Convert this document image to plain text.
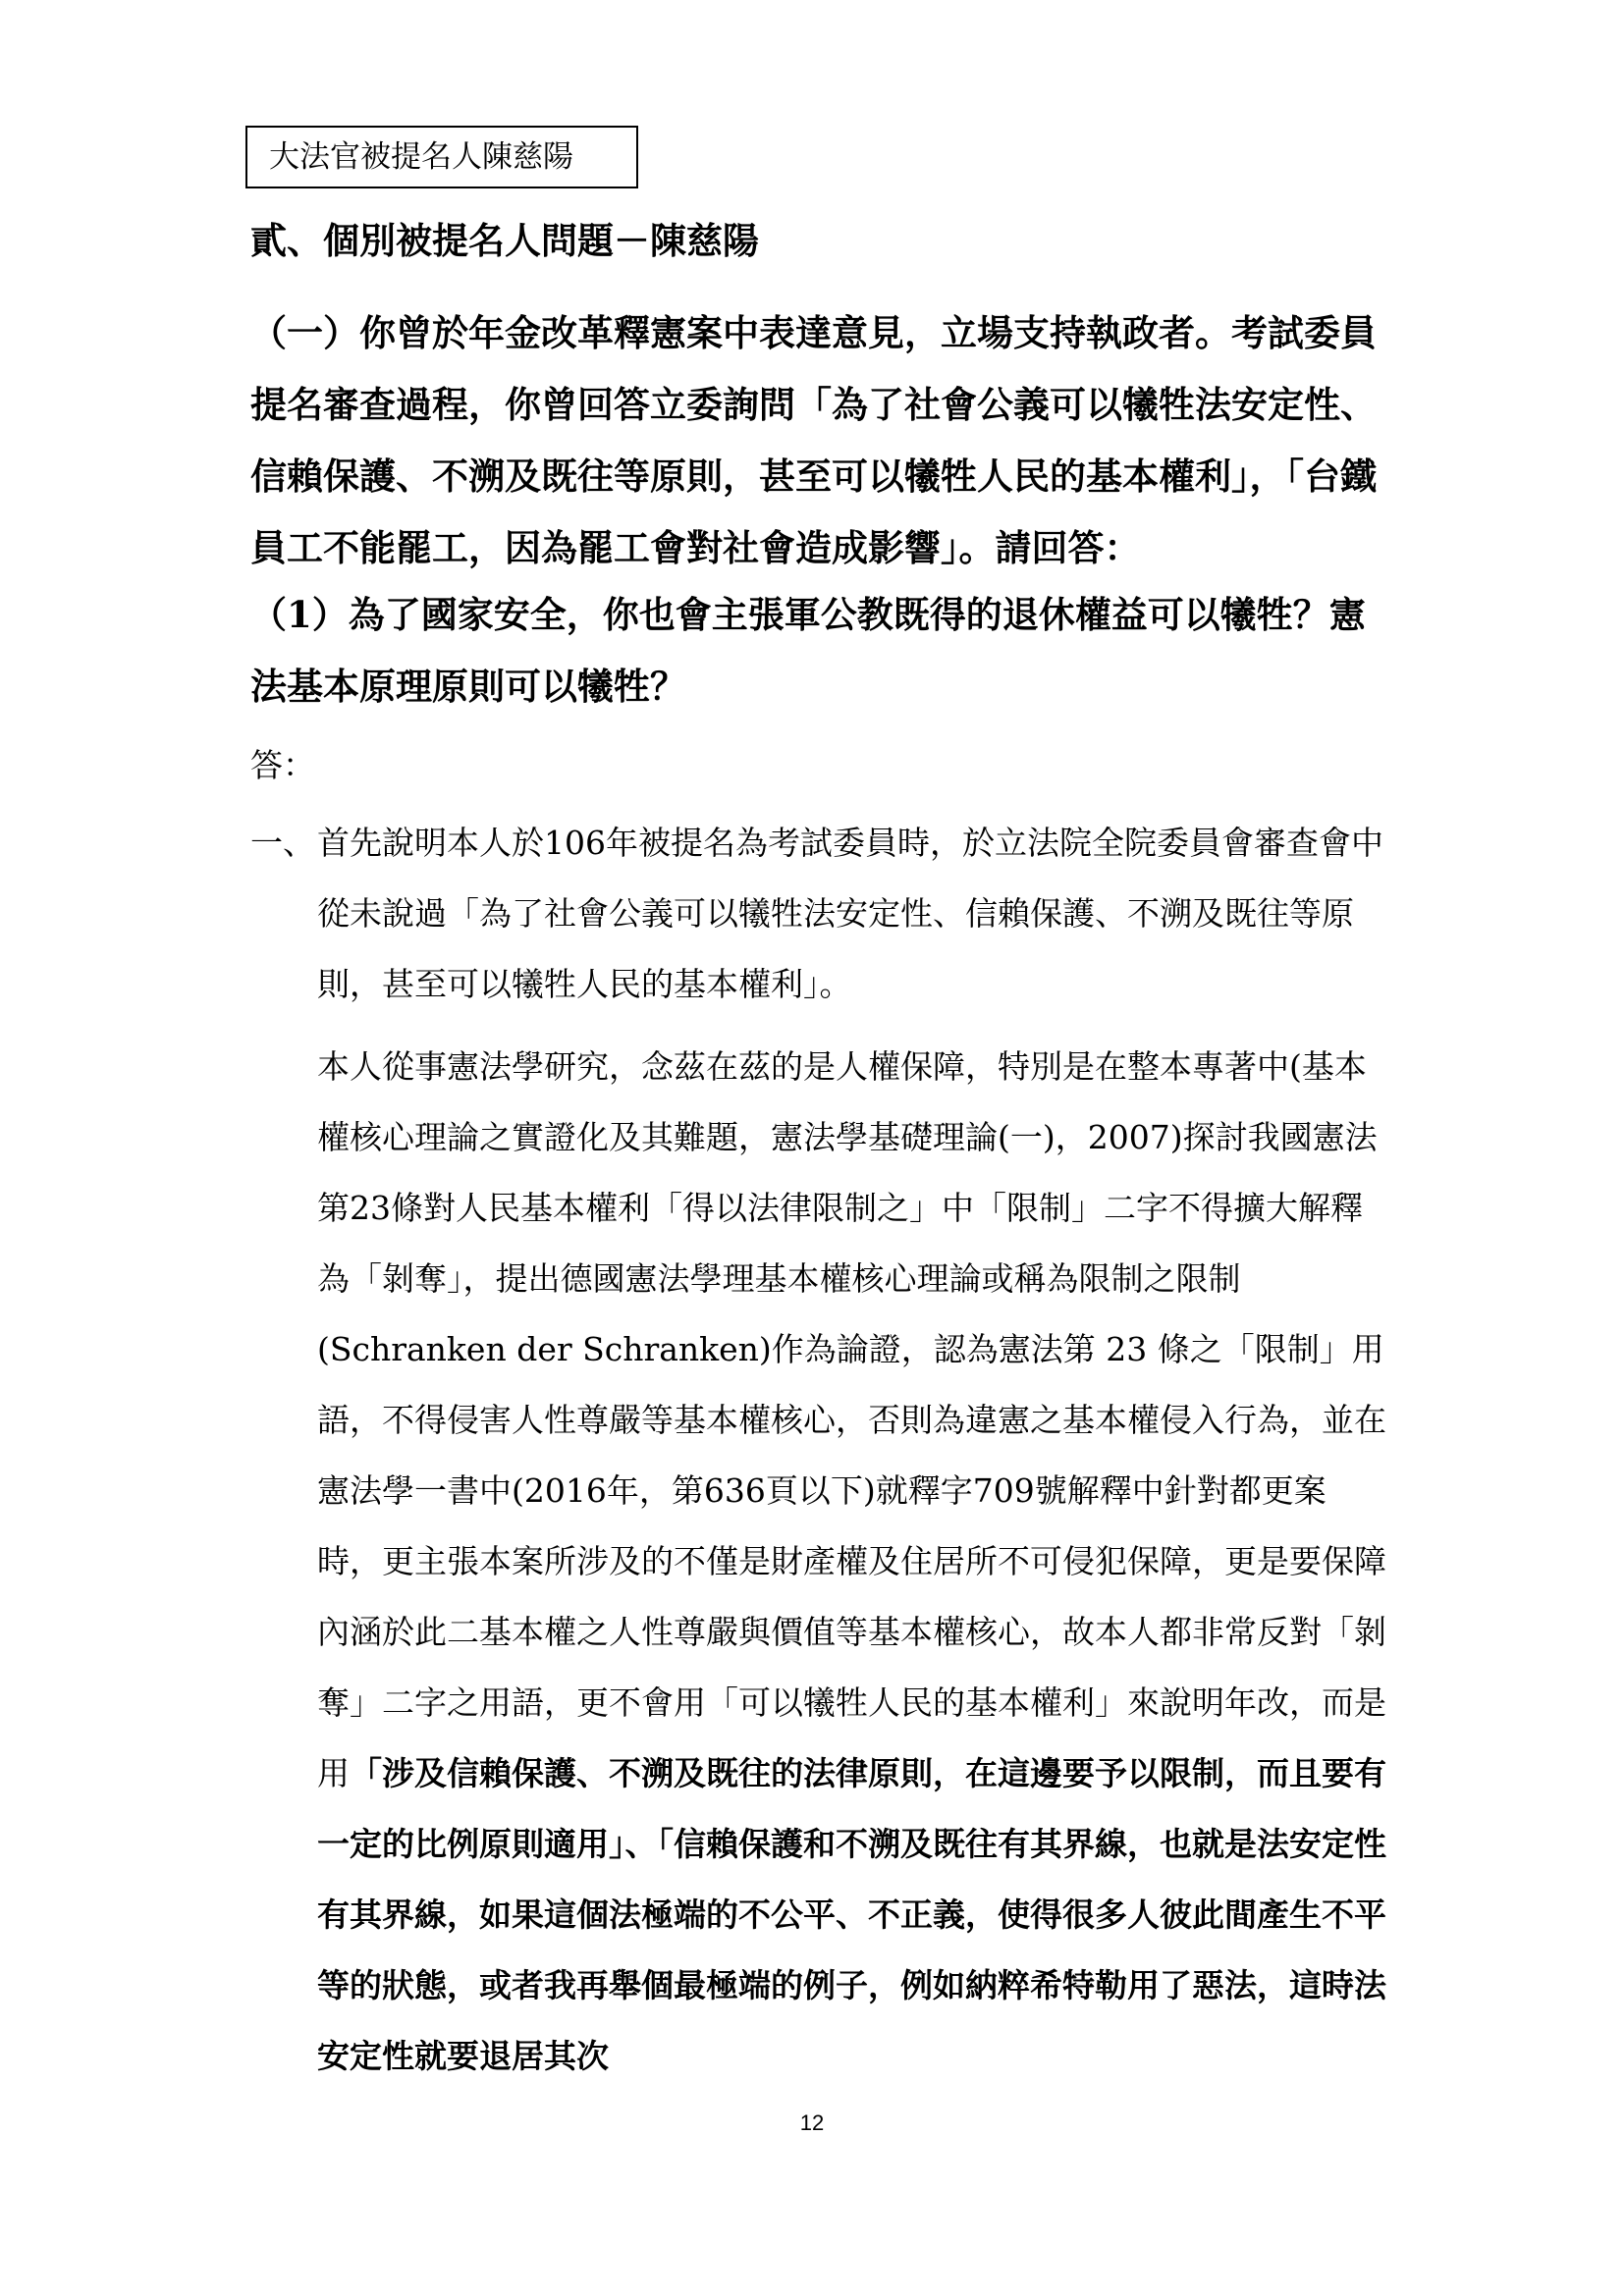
大法官被提名人陳慈陽
貳、個別被提名人問題－陳慈陽

（一）你曾於年金改革釋憲案中表達意見，立場支持執政者。考試委員提名審查過程，你曾回答立委詢問「為了社會公義可以犧牲法安定性、信賴保護、不溯及既往等原則，甚至可以犧牲人民的基本權利」，「台鐵員工不能罷工，因為罷工會對社會造成影響」。請回答：

（1）為了國家安全，你也會主張軍公教既得的退休權益可以犧牲？憲法基本原理原則可以犧牲？

答：
一、 首先說明本人於106年被提名為考試委員時，於立法院全院委員會審查會中從未說過「為了社會公義可以犧牲法安定性、信賴保護、不溯及既往等原則，甚至可以犧牲人民的基本權利」。

本人從事憲法學研究，念茲在茲的是人權保障，特別是在整本專著中(基本權核心理論之實證化及其難題，憲法學基礎理論(一)，2007)探討我國憲法第23條對人民基本權利「得以法律限制之」中「限制」二字不得擴大解釋為「剝奪」，提出德國憲法學理基本權核心理論或稱為限制之限制(Schranken der Schranken)作為論證，認為憲法第 23 條之「限制」用語，不得侵害人性尊嚴等基本權核心，否則為違憲之基本權侵入行為，並在憲法學一書中(2016年，第636頁以下)就釋字709號解釋中針對都更案時，更主張本案所涉及的不僅是財產權及住居所不可侵犯保障，更是要保障內涵於此二基本權之人性尊嚴與價值等基本權核心，故本人都非常反對「剝奪」二字之用語，更不會用「可以犧牲人民的基本權利」來說明年改，而是用「涉及信賴保護、不溯及既往的法律原則，在這邊要予以限制，而且要有一定的比例原則適用」、「信賴保護和不溯及既往有其界線，也就是法安定性有其界線，如果這個法極端的不公平、不正義，使得很多人彼此間產生不平等的狀態，或者我再舉個最極端的例子，例如納粹希特勒用了惡法，這時法安定性就要退居其次

12
